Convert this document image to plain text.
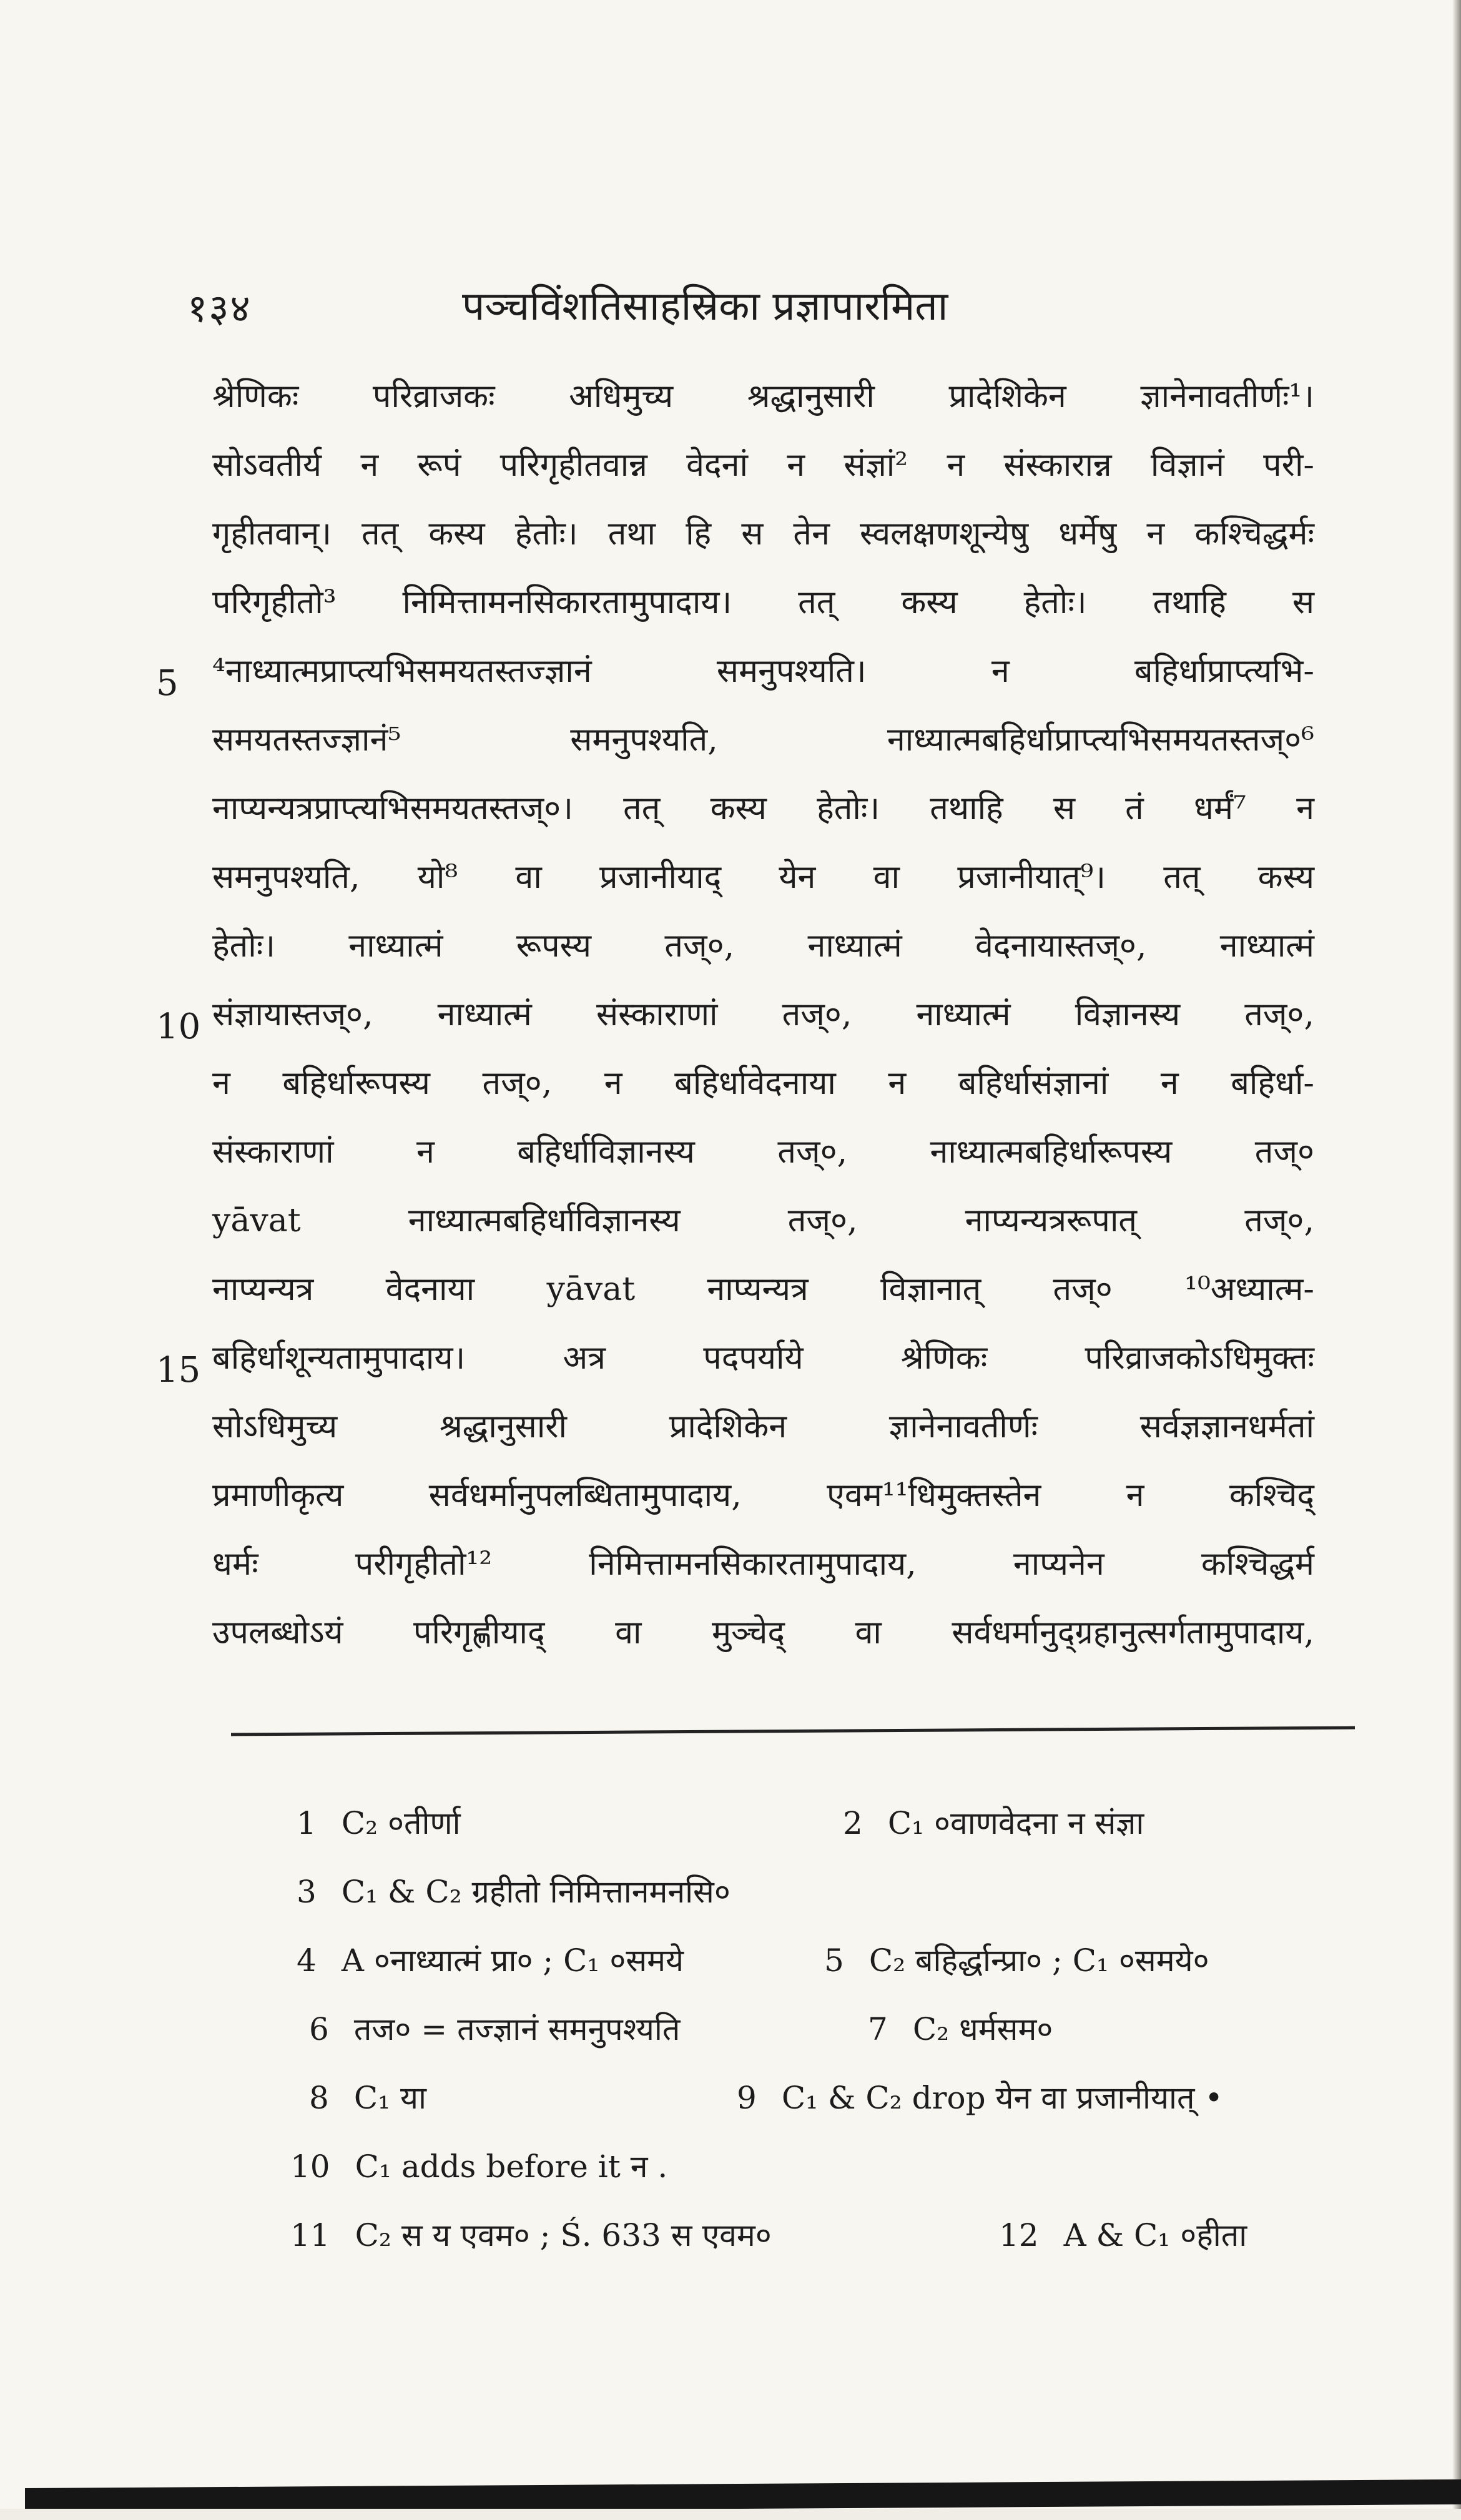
१३४	पञ्चविंशतिसाहस्रिका प्रज्ञापारमिता
5
10
15
श्रेणिकः परिव्राजकः अधिमुच्य श्रद्धानुसारी प्रादेशिकेन ज्ञानेनावतीर्णः¹।
सोऽवतीर्य न रूपं परिगृहीतवान्न वेदनां न संज्ञां² न संस्कारान्न विज्ञानं परी-
गृहीतवान्। तत् कस्य हेतोः। तथा हि स तेन स्वलक्षणशून्येषु धर्मेषु न कश्चिद्धर्मः
परिगृहीतो³ निमित्तामनसिकारतामुपादाय। तत् कस्य हेतोः। तथाहि स
⁴नाध्यात्मप्राप्त्यभिसमयतस्तज्ज्ञानं समनुपश्यति। न बहिर्धाप्राप्त्यभि-
समयतस्तज्ज्ञानं⁵ समनुपश्यति, नाध्यात्मबहिर्धाप्राप्त्यभिसमयतस्तज्०⁶
नाप्यन्यत्रप्राप्त्यभिसमयतस्तज्०। तत् कस्य हेतोः। तथाहि स तं धर्मं⁷ न
समनुपश्यति, यो⁸ वा प्रजानीयाद् येन वा प्रजानीयात्⁹। तत् कस्य
हेतोः। नाध्यात्मं रूपस्य तज्०, नाध्यात्मं वेदनायास्तज्०, नाध्यात्मं
संज्ञायास्तज्०, नाध्यात्मं संस्काराणां तज्०, नाध्यात्मं विज्ञानस्य तज्०,
न बहिर्धारूपस्य तज्०, न बहिर्धावेदनाया न बहिर्धासंज्ञानां न बहिर्धा-
संस्काराणां न बहिर्धाविज्ञानस्य तज्०, नाध्यात्मबहिर्धारूपस्य तज्०
yāvat नाध्यात्मबहिर्धाविज्ञानस्य तज्०, नाप्यन्यत्ररूपात् तज्०,
नाप्यन्यत्र वेदनाया yāvat नाप्यन्यत्र विज्ञानात् तज्० ¹⁰अध्यात्म-
बहिर्धाशून्यतामुपादाय। अत्र पदपर्याये श्रेणिकः परिव्राजकोऽधिमुक्तः
सोऽधिमुच्य श्रद्धानुसारी प्रादेशिकेन ज्ञानेनावतीर्णः सर्वज्ञज्ञानधर्मतां
प्रमाणीकृत्य सर्वधर्मानुपलब्धितामुपादाय, एवम¹¹धिमुक्तस्तेन न कश्चिद्
धर्मः परीगृहीतो¹² निमित्तामनसिकारतामुपादाय, नाप्यनेन कश्चिद्धर्म
उपलब्धोऽयं परिगृह्णीयाद् वा मुञ्चेद् वा सर्वधर्मानुद्ग्रहानुत्सर्गतामुपादाय,
1 C₂ ०तीर्णा	2 C₁ ०वाणवेदना न संज्ञा
3 C₁ & C₂ ग्रहीतो निमित्तानमनसि०
4 A ०नाध्यात्मं प्रा० ; C₁ ०समये	5 C₂ बहिर्द्धान्प्रा० ; C₁ ०समये०
6 तज० = तज्ज्ञानं समनुपश्यति	7 C₂ धर्मसम०
8 C₁ या	9 C₁ & C₂ drop येन वा प्रजानीयात् •
10 C₁ adds before it न .
11 C₂ स य एवम० ; Ś. 633 स एवम०	12 A & C₁ ०हीता
